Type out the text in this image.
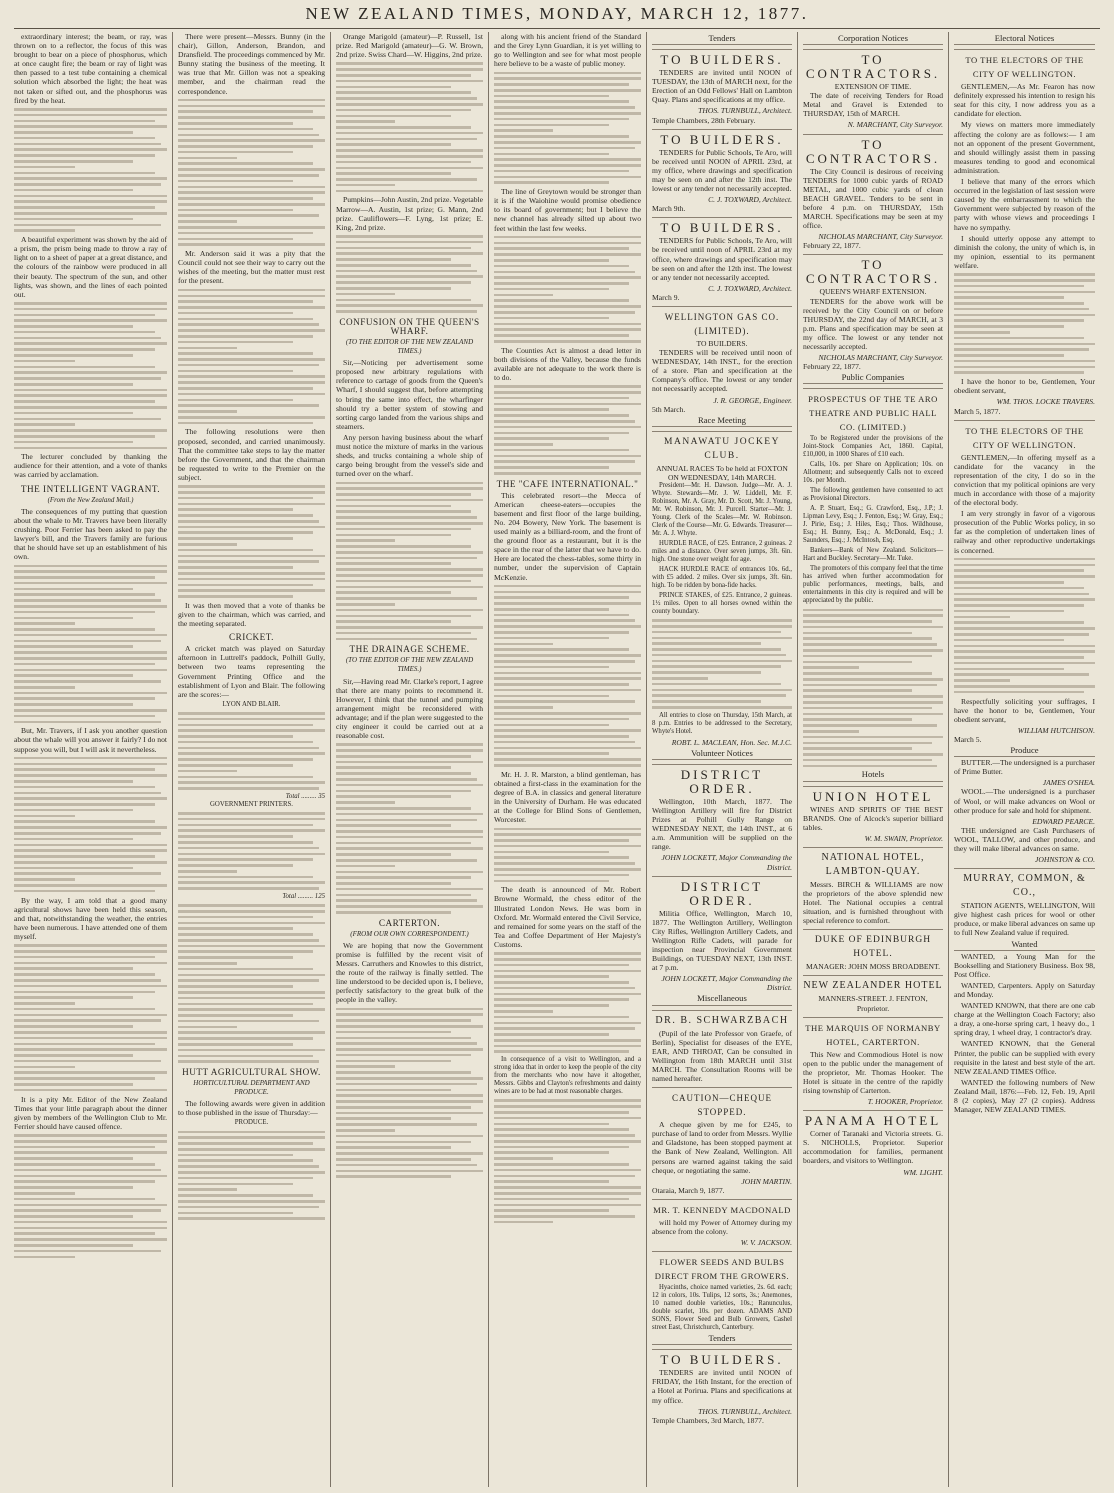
NEW ZEALAND TIMES, MONDAY, MARCH 12, 1877.

extraordinary interest; the beam, or ray, was thrown on to a reflector, the focus of this was brought to bear on a piece of phosphorus, which at once caught fire; the beam or ray of light was then passed to a test tube containing a chemical solution which absorbed the light; the heat was not taken or sifted out, and the phosphorus was fired by the heat.

A beautiful experiment was shown by the aid of a prism, the prism being made to throw a ray of light on to a sheet of paper at a great distance, and the colours of the rainbow were produced in all their beauty. The spectrum of the sun, and other lights, was shown, and the lines of each pointed out.

The lecturer concluded by thanking the audience for their attention, and a vote of thanks was carried by acclamation.

THE INTELLIGENT VAGRANT.
(From the New Zealand Mail.)

The consequences of my putting that question about the whale to Mr. Travers have been literally crushing. Poor Ferrier has been asked to pay the lawyer's bill, and the Travers family are furious that he should have set up an establishment of his own.

But, Mr. Travers, if I ask you another question about the whale will you answer it fairly? I do not suppose you will, but I will ask it nevertheless.

By the way, I am told that a good many agricultural shows have been held this season, and that, notwithstanding the weather, the entries have been numerous. I have attended one of them myself.

It is a pity Mr. Editor of the New Zealand Times that your little paragraph about the dinner given by members of the Wellington Club to Mr. Ferrier should have caused offence.

There were present—Messrs. Bunny (in the chair), Gillon, Anderson, Brandon, and Dransfield. The proceedings commenced by Mr. Bunny stating the business of the meeting. It was true that Mr. Gillon was not a speaking member, and the chairman read the correspondence.

Mr. Anderson said it was a pity that the Council could not see their way to carry out the wishes of the meeting, but the matter must rest for the present.

The following resolutions were then proposed, seconded, and carried unanimously. That the committee take steps to lay the matter before the Government, and that the chairman be requested to write to the Premier on the subject.

It was then moved that a vote of thanks be given to the chairman, which was carried, and the meeting separated.

CRICKET.

A cricket match was played on Saturday afternoon in Luttrell's paddock, Polhill Gully, between two teams representing the Government Printing Office and the establishment of Lyon and Blair. The following are the scores:—

LYON AND BLAIR.
Total ......... 35
GOVERNMENT PRINTERS.
Total ......... 125
HUTT AGRICULTURAL SHOW.
HORTICULTURAL DEPARTMENT AND PRODUCE.

The following awards were given in addition to those published in the issue of Thursday:—

PRODUCE.

Orange Marigold (amateur)—P. Russell, 1st prize. Red Marigold (amateur)—G. W. Brown, 2nd prize. Swiss Chard—W. Higgins, 2nd prize.

Pumpkins—John Austin, 2nd prize. Vegetable Marrow—A. Austin, 1st prize; G. Mann, 2nd prize. Cauliflowers—F. Lyng, 1st prize; E. King, 2nd prize.

CONFUSION ON THE QUEEN'S WHARF.
(TO THE EDITOR OF THE NEW ZEALAND TIMES.)

Sir,—Noticing per advertisement some proposed new arbitrary regulations with reference to cartage of goods from the Queen's Wharf, I should suggest that, before attempting to bring the same into effect, the wharfinger should try a better system of stowing and sorting cargo landed from the various ships and steamers.

Any person having business about the wharf must notice the mixture of marks in the various sheds, and trucks containing a whole ship of cargo being brought from the vessel's side and turned over on the wharf.

THE DRAINAGE SCHEME.
(TO THE EDITOR OF THE NEW ZEALAND TIMES.)

Sir,—Having read Mr. Clarke's report, I agree that there are many points to recommend it. However, I think that the tunnel and pumping arrangement might be reconsidered with advantage; and if the plan were suggested to the city engineer it could be carried out at a reasonable cost.

CARTERTON.
(FROM OUR OWN CORRESPONDENT.)

We are hoping that now the Government promise is fulfilled by the recent visit of Messrs. Carruthers and Knowles to this district, the route of the railway is finally settled. The line understood to be decided upon is, I believe, perfectly satisfactory to the great bulk of the people in the valley.

along with his ancient friend of the Standard and the Grey Lynn Guardian, it is yet willing to go to Wellington and see for what most people here believe to be a waste of public money.

The line of Greytown would be stronger than it is if the Waiohine would promise obedience to its board of government; but I believe the new channel has already silted up about two feet within the last few weeks.

The Counties Act is almost a dead letter in both divisions of the Valley, because the funds available are not adequate to the work there is to do.

THE "CAFE INTERNATIONAL."

This celebrated resort—the Mecca of American cheese-eaters—occupies the basement and first floor of the large building, No. 204 Bowery, New York. The basement is used mainly as a billiard-room, and the front of the ground floor as a restaurant, but it is the space in the rear of the latter that we have to do. Here are located the chess-tables, some thirty in number, under the supervision of Captain McKenzie.

Mr. H. J. R. Marston, a blind gentleman, has obtained a first-class in the examination for the degree of B.A. in classics and general literature in the University of Durham. He was educated at the College for Blind Sons of Gentlemen, Worcester.

The death is announced of Mr. Robert Browne Wormald, the chess editor of the Illustrated London News. He was born in Oxford. Mr. Wormald entered the Civil Service, and remained for some years on the staff of the Tea and Coffee Department of Her Majesty's Customs.

In consequence of a visit to Wellington, and a strong idea that in order to keep the people of the city from the merchants who now have it altogether, Messrs. Gibbs and Clayton's refreshments and dainty wines are to be had at most reasonable charges.

Tenders
TO BUILDERS.

TENDERS are invited until NOON of TUESDAY, the 13th of MARCH next, for the Erection of an Odd Fellows' Hall on Lambton Quay. Plans and specifications at my office.

THOS. TURNBULL, Architect.
Temple Chambers, 28th February.
TO BUILDERS.

TENDERS for Public Schools, Te Aro, will be received until NOON of APRIL 23rd, at my office, where drawings and specification may be seen on and after the 12th inst. The lowest or any tender not necessarily accepted.

C. J. TOXWARD, Architect.
March 9th.
TO BUILDERS.

TENDERS for Public Schools, Te Aro, will be received until noon of APRIL 23rd at my office, where drawings and specification may be seen on and after the 12th inst. The lowest or any tender not necessarily accepted.

C. J. TOXWARD, Architect.
March 9.
WELLINGTON GAS CO. (LIMITED).
TO BUILDERS.

TENDERS will be received until noon of WEDNESDAY, 14th INST., for the erection of a store. Plan and specification at the Company's office. The lowest or any tender not necessarily accepted.

J. R. GEORGE, Engineer.
5th March.
Race Meeting
MANAWATU JOCKEY CLUB.
ANNUAL RACES To be held at FOXTON ON WEDNESDAY, 14th MARCH.

President—Mr. H. Dawson. Judge—Mr. A. J. Whyte. Stewards—Mr. J. W. Liddell, Mr. F. Robinson, Mr. A. Gray, Mr. D. Scott, Mr. J. Young, Mr. W. Robinson, Mr. J. Purcell. Starter—Mr. J. Young. Clerk of the Scales—Mr. W. Robinson. Clerk of the Course—Mr. G. Edwards. Treasurer—Mr. A. J. Whyte.

HURDLE RACE, of £25. Entrance, 2 guineas. 2 miles and a distance. Over seven jumps, 3ft. 6in. high. One stone over weight for age.

HACK HURDLE RACE of entrances 10s. 6d., with £5 added. 2 miles. Over six jumps, 3ft. 6in. high. To be ridden by bona-fide hacks.

PRINCE STAKES, of £25. Entrance, 2 guineas. 1½ miles. Open to all horses owned within the county boundary.

All entries to close on Thursday, 15th March, at 8 p.m. Entries to be addressed to the Secretary, Whyte's Hotel.

ROBT. L. MACLEAN, Hon. Sec. M.J.C.
Volunteer Notices
DISTRICT ORDER.

Wellington, 10th March, 1877. The Wellington Artillery will fire for District Prizes at Polhill Gully Range on WEDNESDAY NEXT, the 14th INST., at 6 a.m. Ammunition will be supplied on the range.

JOHN LOCKETT, Major Commanding the District.
DISTRICT ORDER.

Militia Office, Wellington, March 10, 1877. The Wellington Artillery, Wellington City Rifles, Wellington Artillery Cadets, and Wellington Rifle Cadets, will parade for inspection near Provincial Government Buildings, on TUESDAY NEXT, 13th INST. at 7 p.m.

JOHN LOCKETT, Major Commanding the District.
Miscellaneous
DR. B. SCHWARZBACH

(Pupil of the late Professor von Graefe, of Berlin), Specialist for diseases of the EYE, EAR, AND THROAT, Can be consulted in Wellington from 18th MARCH until 31st MARCH. The Consultation Rooms will be named hereafter.

CAUTION—CHEQUE STOPPED.

A cheque given by me for £245, to purchase of land to order from Messrs. Wyllie and Gladstone, has been stopped payment at the Bank of New Zealand, Wellington. All persons are warned against taking the said cheque, or negotiating the same.

JOHN MARTIN.
Otaraia, March 9, 1877.
MR. T. KENNEDY MACDONALD

will hold my Power of Attorney during my absence from the colony.

W. V. JACKSON.
FLOWER SEEDS AND BULBS DIRECT FROM THE GROWERS.

Hyacinths, choice named varieties, 2s. 6d. each; 12 in colors, 10s. Tulips, 12 sorts, 3s.; Anemones, 10 named double varieties, 10s.; Ranunculus, double scarlet, 10s. per dozen. ADAMS AND SONS, Flower Seed and Bulb Growers, Cashel street East, Christchurch, Canterbury.

Tenders
TO BUILDERS.

TENDERS are invited until NOON of FRIDAY, the 16th Instant, for the erection of a Hotel at Porirua. Plans and specifications at my office.

THOS. TURNBULL, Architect.
Temple Chambers, 3rd March, 1877.
Corporation Notices
TO CONTRACTORS.
EXTENSION OF TIME.

The date of receiving Tenders for Road Metal and Gravel is Extended to THURSDAY, 15th of MARCH.

N. MARCHANT, City Surveyor.
TO CONTRACTORS.

The City Council is desirous of receiving TENDERS for 1000 cubic yards of ROAD METAL, and 1000 cubic yards of clean BEACH GRAVEL. Tenders to be sent in before 4 p.m. on THURSDAY, 15th MARCH. Specifications may be seen at my office.

NICHOLAS MARCHANT, City Surveyor.
February 22, 1877.
TO CONTRACTORS.
QUEEN'S WHARF EXTENSION.

TENDERS for the above work will be received by the City Council on or before THURSDAY, the 22nd day of MARCH, at 3 p.m. Plans and specification may be seen at my office. The lowest or any tender not necessarily accepted.

NICHOLAS MARCHANT, City Surveyor.
February 22, 1877.
Public Companies
PROSPECTUS OF THE TE ARO THEATRE AND PUBLIC HALL CO. (LIMITED.)

To be Registered under the provisions of the Joint-Stock Companies Act, 1860. Capital, £10,000, in 1000 Shares of £10 each.

Calls, 10s. per Share on Application; 10s. on Allotment; and subsequently Calls not to exceed 10s. per Month.

The following gentlemen have consented to act as Provisional Directors.

A. P. Stuart, Esq.; G. Crawford, Esq., J.P.; J. Lipman Levy, Esq.; J. Fenton, Esq.; W. Gray, Esq.; J. Pirie, Esq.; J. Hiles, Esq.; Thos. Wildhouse, Esq.; H. Bunny, Esq.; A. McDonald, Esq.; J. Saunders, Esq.; J. McIntosh, Esq.

Bankers—Bank of New Zealand. Solicitors—Hart and Buckley. Secretary—Mr. Tuke.

The promoters of this company feel that the time has arrived when further accommodation for public performances, meetings, balls, and entertainments in this city is required and will be appreciated by the public.

Hotels
UNION HOTEL

WINES AND SPIRITS OF THE BEST BRANDS. One of Alcock's superior billiard tables.

W. M. SWAIN, Proprietor.
NATIONAL HOTEL, LAMBTON-QUAY.

Messrs. BIRCH & WILLIAMS are now the proprietors of the above splendid new Hotel. The National occupies a central situation, and is furnished throughout with special reference to comfort.

DUKE OF EDINBURGH HOTEL.
MANAGER: JOHN MOSS BROADBENT.
NEW ZEALANDER HOTEL
MANNERS-STREET. J. FENTON, Proprietor.
THE MARQUIS OF NORMANBY HOTEL, CARTERTON.

This New and Commodious Hotel is now open to the public under the management of the proprietor, Mr. Thomas Hooker. The Hotel is situate in the centre of the rapidly rising township of Carterton.

T. HOOKER, Proprietor.
PANAMA HOTEL

Corner of Taranaki and Victoria streets. G. S. NICHOLLS, Proprietor. Superior accommodation for families, permanent boarders, and visitors to Wellington.

WM. LIGHT.
Electoral Notices
TO THE ELECTORS OF THE CITY OF WELLINGTON.

GENTLEMEN,—As Mr. Fearon has now definitely expressed his intention to resign his seat for this city, I now address you as a candidate for election.

My views on matters more immediately affecting the colony are as follows:— I am not an opponent of the present Government, and should willingly assist them in passing measures tending to good and economical administration.

I believe that many of the errors which occurred in the legislation of last session were caused by the embarrassment to which the Government were subjected by reason of the party with whose views and proceedings I have no sympathy.

I should utterly oppose any attempt to diminish the colony, the unity of which is, in my opinion, essential to its permanent welfare.

I have the honor to be, Gentlemen, Your obedient servant,

WM. THOS. LOCKE TRAVERS.
March 5, 1877.
TO THE ELECTORS OF THE CITY OF WELLINGTON.

GENTLEMEN,—In offering myself as a candidate for the vacancy in the representation of the city, I do so in the conviction that my political opinions are very much in accordance with those of a majority of the electoral body.

I am very strongly in favor of a vigorous prosecution of the Public Works policy, in so far as the completion of undertaken lines of railway and other reproductive undertakings is concerned.

Respectfully soliciting your suffrages, I have the honor to be, Gentlemen, Your obedient servant,

WILLIAM HUTCHISON.
March 5.
Produce

BUTTER.—The undersigned is a purchaser of Prime Butter.

JAMES O'SHEA.

WOOL.—The undersigned is a purchaser of Wool, or will make advances on Wool or other produce for sale and hold for shipment.

EDWARD PEARCE.

THE undersigned are Cash Purchasers of WOOL, TALLOW, and other produce, and they will make liberal advances on same.

JOHNSTON & CO.
MURRAY, COMMON, & CO.,

STATION AGENTS, WELLINGTON, Will give highest cash prices for wool or other produce, or make liberal advances on same up to full New Zealand value if required.

Wanted

WANTED, a Young Man for the Bookselling and Stationery Business. Box 98, Post Office.

WANTED, Carpenters. Apply on Saturday and Monday.

WANTED KNOWN, that there are one cab charge at the Wellington Coach Factory; also a dray, a one-horse spring cart, 1 heavy do., 1 spring dray, 1 wheel dray, 1 contractor's dray.

WANTED KNOWN, that the General Printer, the public can be supplied with every requisite in the latest and best style of the art. NEW ZEALAND TIMES Office.

WANTED the following numbers of New Zealand Mail, 1876:—Feb. 12, Feb. 19, April 8 (2 copies), May 27 (2 copies). Address Manager, NEW ZEALAND TIMES.
